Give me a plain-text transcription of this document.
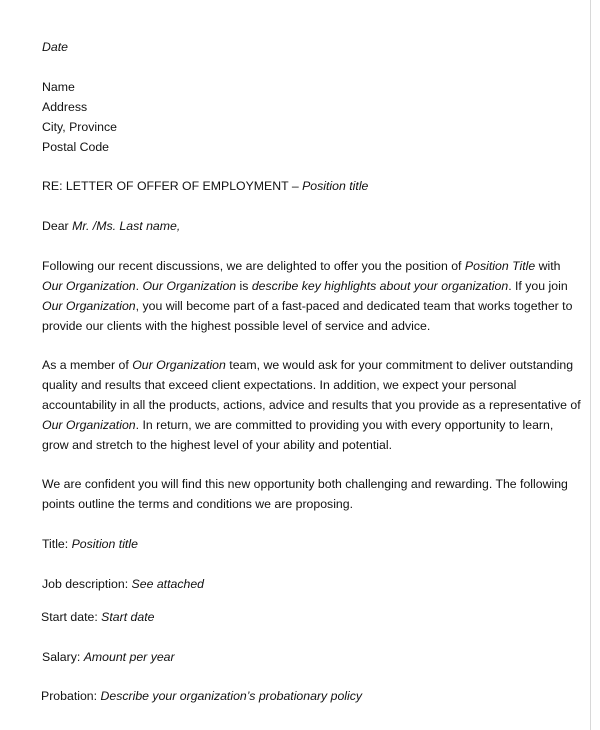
Date
Name
Address
City, Province
Postal Code
RE: LETTER OF OFFER OF EMPLOYMENT – Position title
Dear Mr. /Ms. Last name,
Following our recent discussions, we are delighted to offer you the position of Position Title with
Our Organization. Our Organization is describe key highlights about your organization. If you join
Our Organization, you will become part of a fast-paced and dedicated team that works together to
provide our clients with the highest possible level of service and advice.
As a member of Our Organization team, we would ask for your commitment to deliver outstanding
quality and results that exceed client expectations. In addition, we expect your personal
accountability in all the products, actions, advice and results that you provide as a representative of
Our Organization. In return, we are committed to providing you with every opportunity to learn,
grow and stretch to the highest level of your ability and potential.
We are confident you will find this new opportunity both challenging and rewarding. The following
points outline the terms and conditions we are proposing.
Title: Position title
Job description: See attached
Start date: Start date
Salary: Amount per year
Probation: Describe your organization’s probationary policy
